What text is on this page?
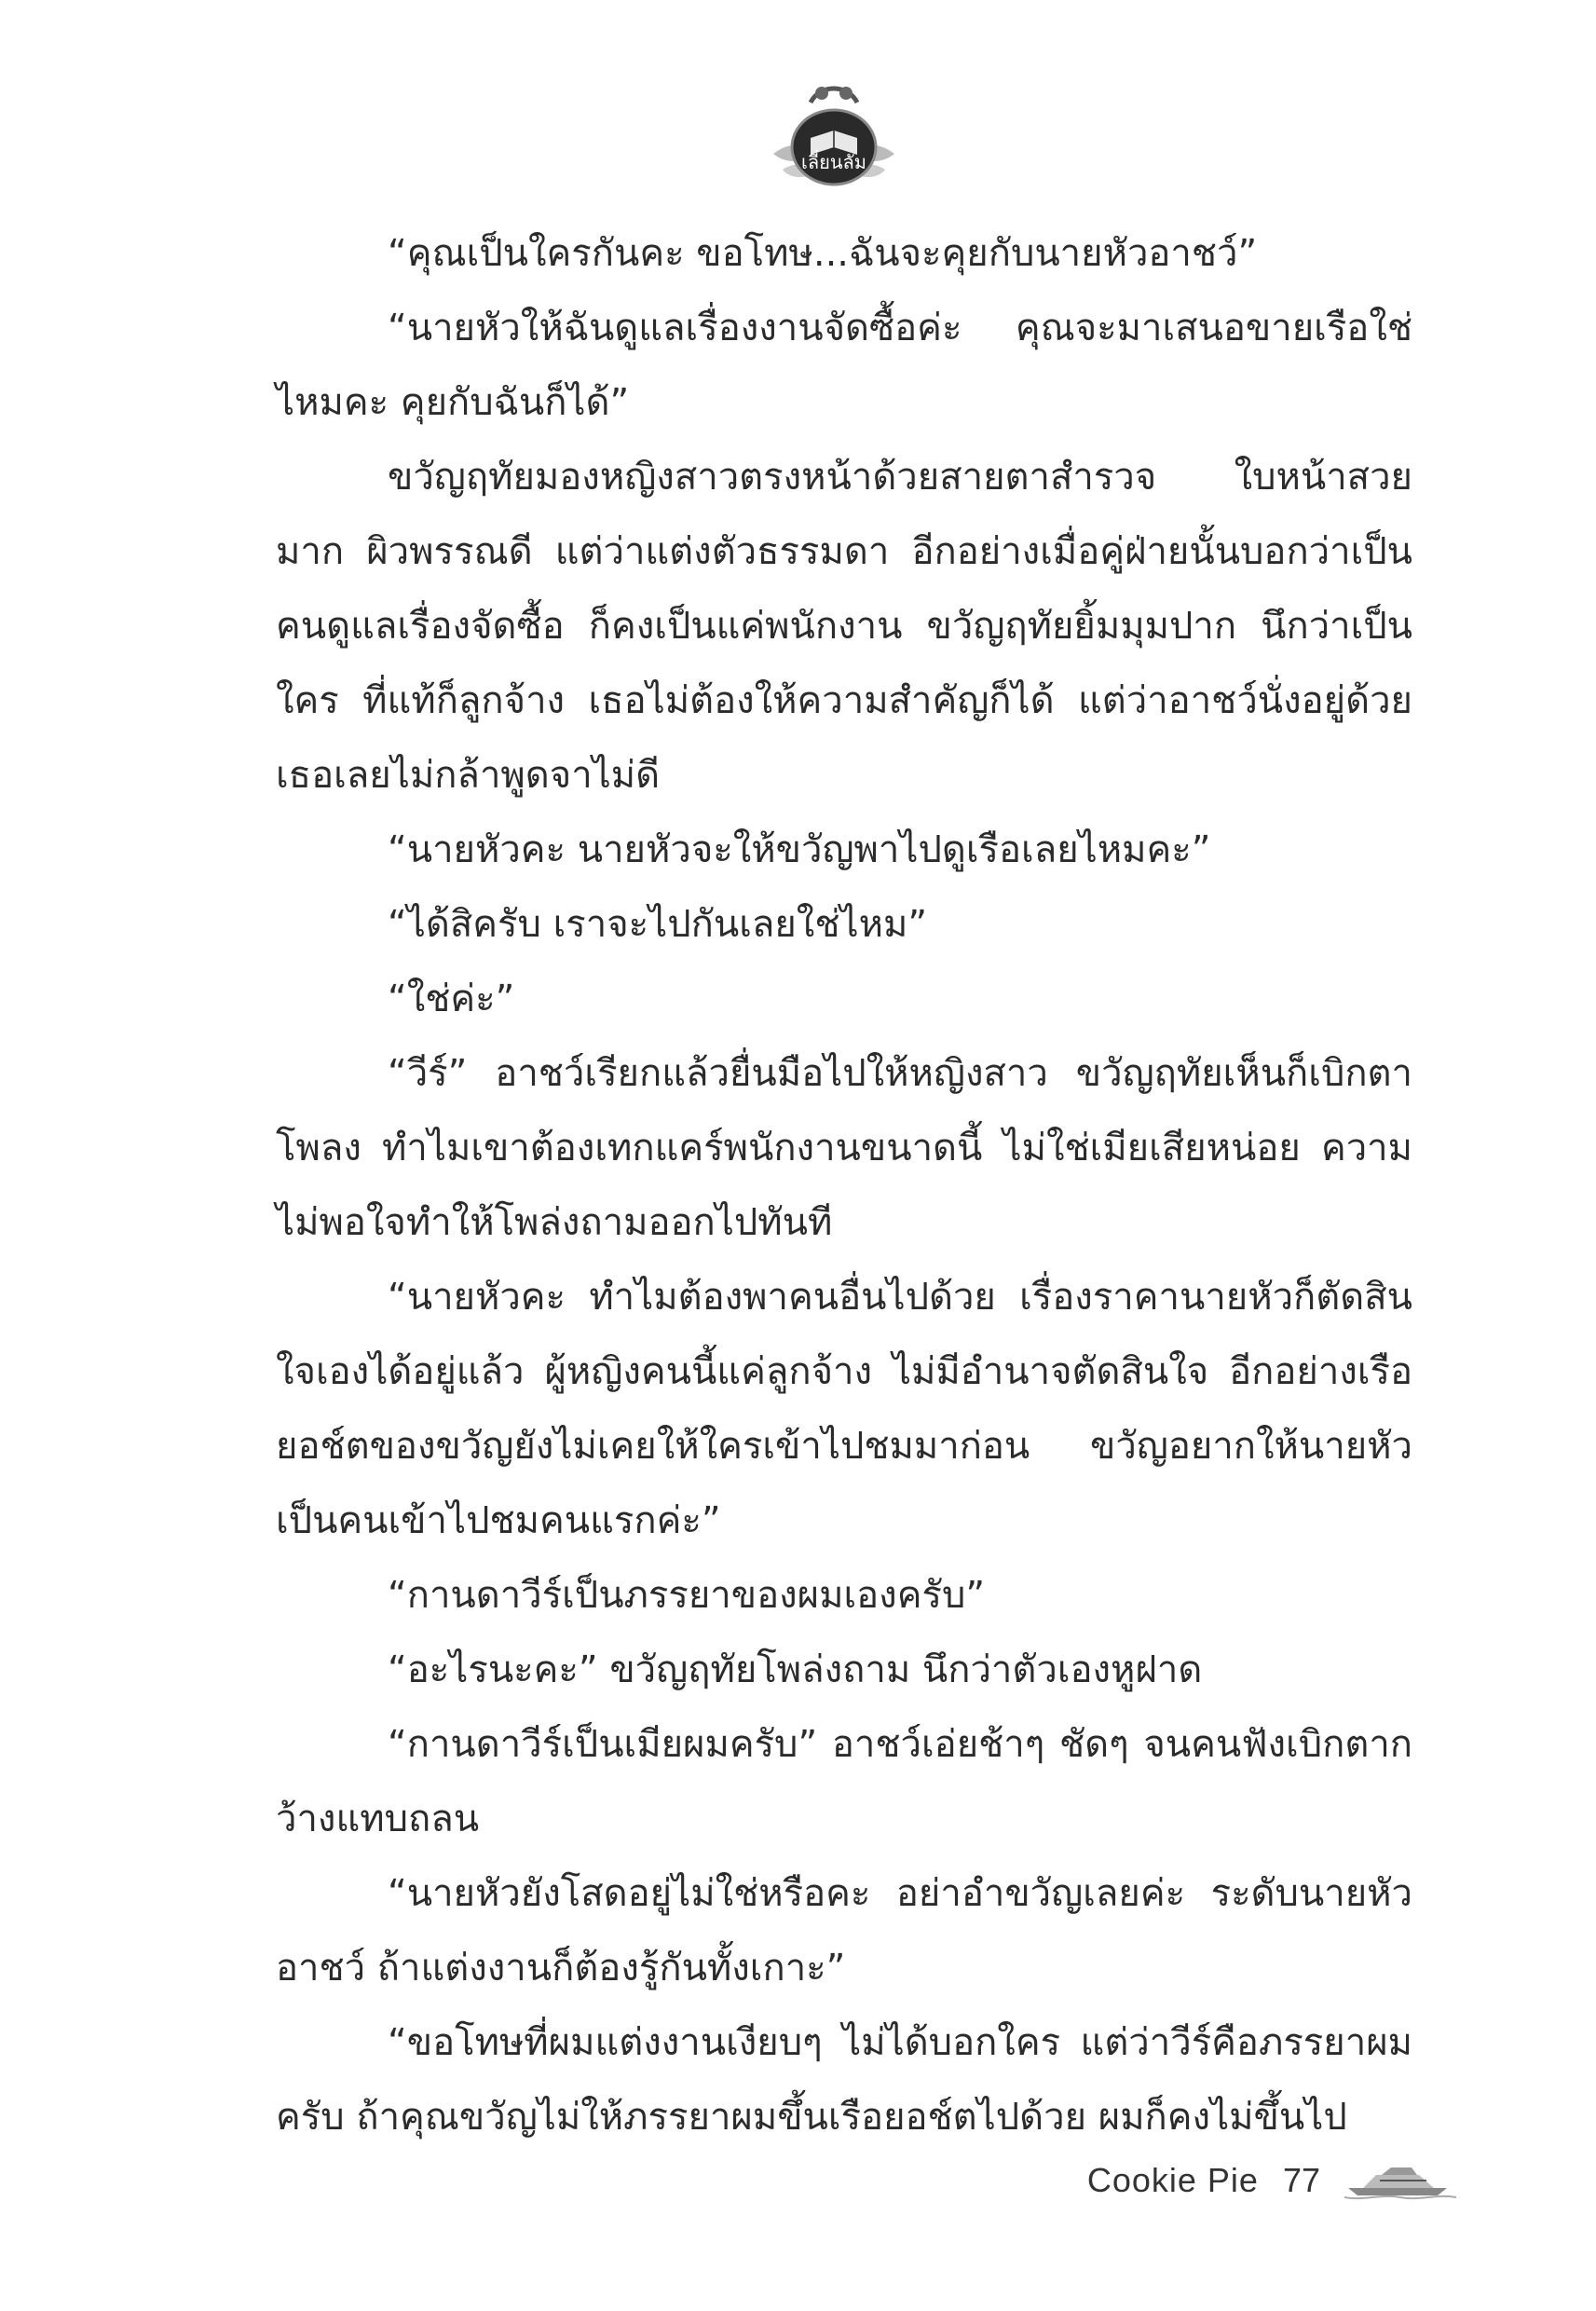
เลี่ยนลัม

“คุณเป็นใครกันคะ ขอโทษ...ฉันจะคุยกับนายหัวอาชว์”

“นายหัวให้ฉันดูแลเรื่องงานจัดซื้อค่ะ คุณจะมาเสนอขายเรือใช่ไหมคะ คุยกับฉันก็ได้”

ขวัญฤทัยมองหญิงสาวตรงหน้าด้วยสายตาสำรวจ ใบหน้าสวยมาก ผิวพรรณดี แต่ว่าแต่งตัวธรรมดา อีกอย่างเมื่อคู่ฝ่ายนั้นบอกว่าเป็นคนดูแลเรื่องจัดซื้อ ก็คงเป็นแค่พนักงาน ขวัญฤทัยยิ้มมุมปาก นึกว่าเป็นใคร ที่แท้ก็ลูกจ้าง เธอไม่ต้องให้ความสำคัญก็ได้ แต่ว่าอาชว์นั่งอยู่ด้วย เธอเลยไม่กล้าพูดจาไม่ดี

“นายหัวคะ นายหัวจะให้ขวัญพาไปดูเรือเลยไหมคะ”

“ได้สิครับ เราจะไปกันเลยใช่ไหม”

“ใช่ค่ะ”

“วีร์” อาชว์เรียกแล้วยื่นมือไปให้หญิงสาว ขวัญฤทัยเห็นก็เบิกตาโพลง ทำไมเขาต้องเทกแคร์พนักงานขนาดนี้ ไม่ใช่เมียเสียหน่อย ความไม่พอใจทำให้โพล่งถามออกไปทันที

“นายหัวคะ ทำไมต้องพาคนอื่นไปด้วย เรื่องราคานายหัวก็ตัดสินใจเองได้อยู่แล้ว ผู้หญิงคนนี้แค่ลูกจ้าง ไม่มีอำนาจตัดสินใจ อีกอย่างเรือยอช์ตของขวัญยังไม่เคยให้ใครเข้าไปชมมาก่อน ขวัญอยากให้นายหัวเป็นคนเข้าไปชมคนแรกค่ะ”

“กานดาวีร์เป็นภรรยาของผมเองครับ”

“อะไรนะคะ” ขวัญฤทัยโพล่งถาม นึกว่าตัวเองหูฝาด

“กานดาวีร์เป็นเมียผมครับ” อาชว์เอ่ยช้าๆ ชัดๆ จนคนฟังเบิกตากว้างแทบถลน

“นายหัวยังโสดอยู่ไม่ใช่หรือคะ อย่าอำขวัญเลยค่ะ ระดับนายหัวอาชว์ ถ้าแต่งงานก็ต้องรู้กันทั้งเกาะ”

“ขอโทษที่ผมแต่งงานเงียบๆ ไม่ได้บอกใคร แต่ว่าวีร์คือภรรยาผมครับ ถ้าคุณขวัญไม่ให้ภรรยาผมขึ้นเรือยอช์ตไปด้วย ผมก็คงไม่ขึ้นไป

Cookie Pie 77
